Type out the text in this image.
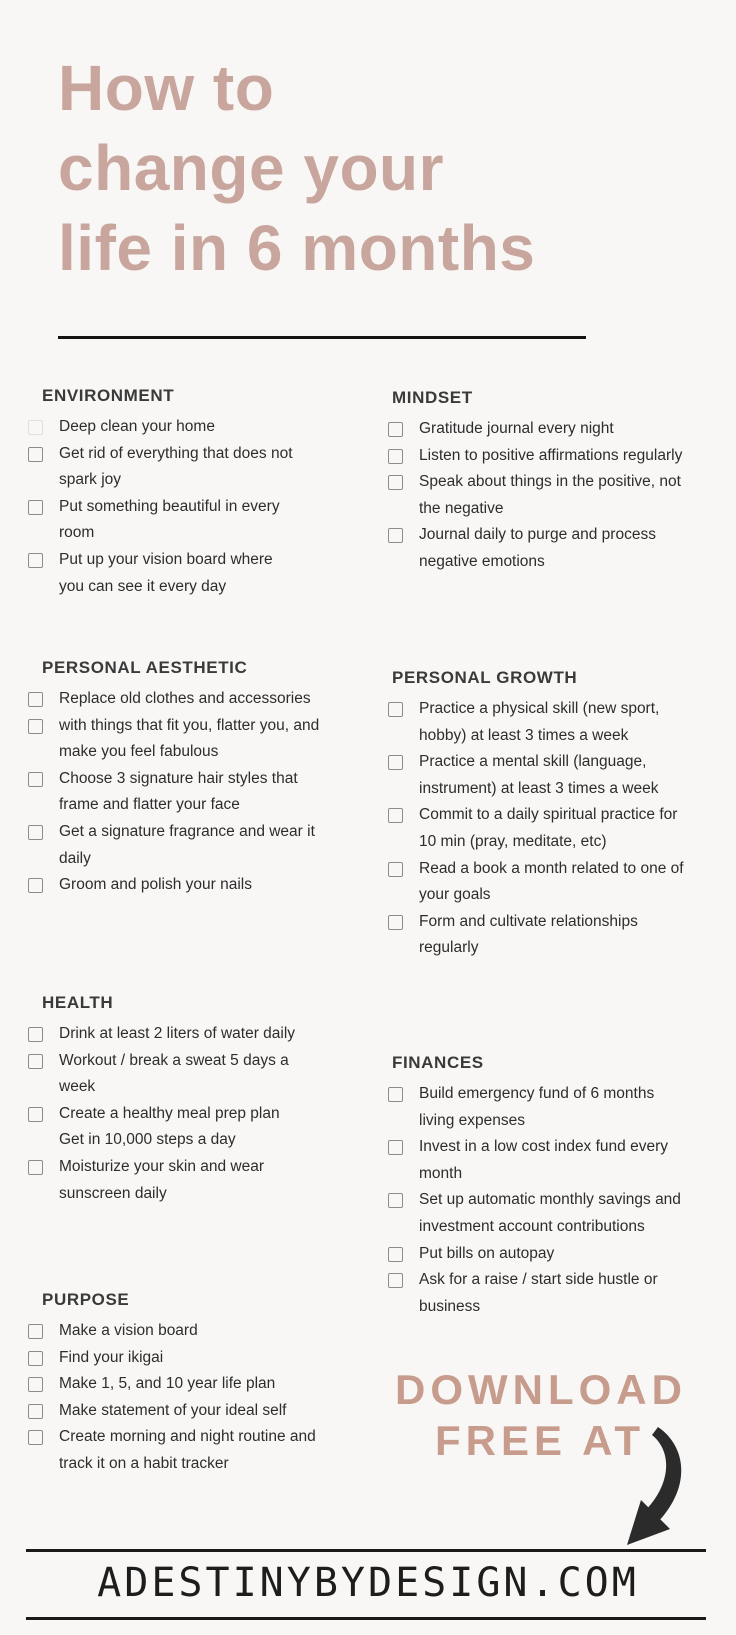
How to
change your
life in 6 months
ENVIRONMENT
Deep clean your home
Get rid of everything that does not
spark joy
Put something beautiful in every
room
Put up your vision board where
you can see it every day
PERSONAL AESTHETIC
Replace old clothes and accessories
with things that fit you, flatter you, and
make you feel fabulous
Choose 3 signature hair styles that
frame and flatter your face
Get a signature fragrance and wear it
daily
Groom and polish your nails
HEALTH
Drink at least 2 liters of water daily
Workout / break a sweat 5 days a
week
Create a healthy meal prep plan
Get in 10,000 steps a day
Moisturize your skin and wear
sunscreen daily
PURPOSE
Make a vision board
Find your ikigai
Make 1, 5, and 10 year life plan
Make statement of your ideal self
Create morning and night routine and
track it on a habit tracker
MINDSET
Gratitude journal every night
Listen to positive affirmations regularly
Speak about things in the positive, not
the negative
Journal daily to purge and process
negative emotions
PERSONAL GROWTH
Practice a physical skill (new sport,
hobby) at least 3 times a week
Practice a mental skill (language,
instrument) at least 3 times a week
Commit to a daily spiritual practice for
10 min (pray, meditate, etc)
Read a book a month related to one of
your goals
Form and cultivate relationships
regularly
FINANCES
Build emergency fund of 6 months
living expenses
Invest in a low cost index fund every
month
Set up automatic monthly savings and
investment account contributions
Put bills on autopay
Ask for a raise / start side hustle or
business
DOWNLOAD
FREE AT
ADESTINYBYDESIGN.COM
